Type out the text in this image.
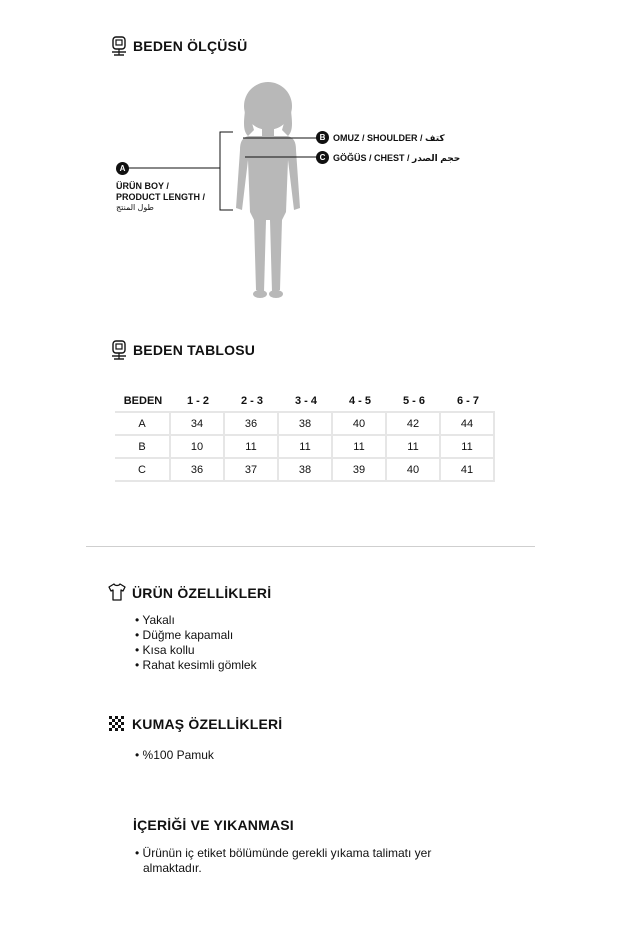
BEDEN ÖLÇÜSÜ
A
B
C
OMUZ / SHOULDER / كتف
GÖĞÜS / CHEST / حجم الصدر
ÜRÜN BOY /
PRODUCT LENGTH /
طول المنتج
BEDEN TABLOSU
BEDEN	1 - 2	2 - 3	3 - 4	4 - 5	5 - 6	6 - 7
A	34	36	38	40	42	44
B	10	11	11	11	11	11
C	36	37	38	39	40	41
ÜRÜN ÖZELLİKLERİ
• Yakalı
• Düğme kapamalı
• Kısa kollu
• Rahat kesimli gömlek
KUMAŞ ÖZELLİKLERİ
• %100 Pamuk
İÇERİĞİ VE YIKANMASI
• Ürünün iç etiket bölümünde gerekli yıkama talimatı yer
almaktadır.
